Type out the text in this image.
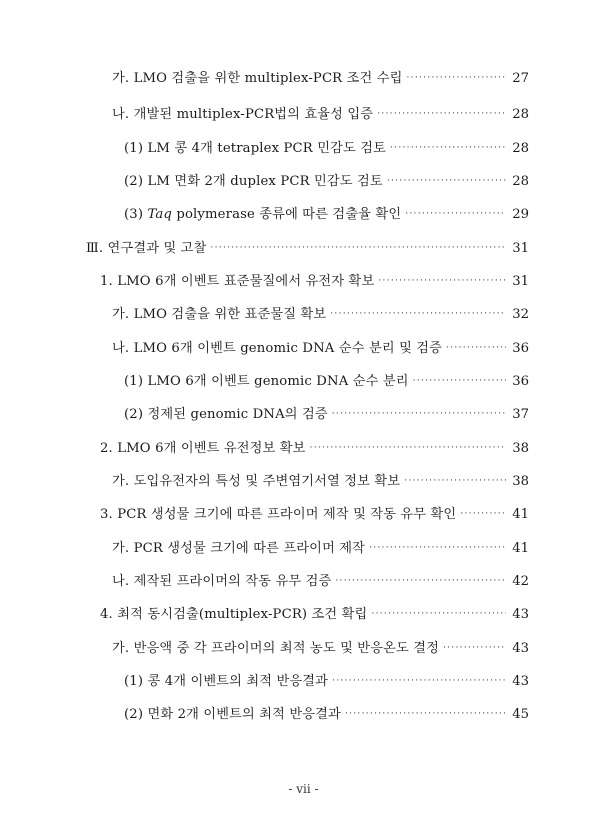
가. LMO 검출을 위한 multiplex-PCR 조건 수립 ·····	27
나. 개발된 multiplex-PCR법의 효율성 입증 ·····	28
(1) LM 콩 4개 tetraplex PCR 민감도 검토 ·····	28
(2) LM 면화 2개 duplex PCR 민감도 검토 ·····	28
(3) Taq polymerase 종류에 따른 검출율 확인 ·····	29
Ⅲ. 연구결과 및 고찰 ·····	31
1. LMO 6개 이벤트 표준물질에서 유전자 확보 ·····	31
가. LMO 검출을 위한 표준물질 확보 ·····	32
나. LMO 6개 이벤트 genomic DNA 순수 분리 및 검증 ·····	36
(1) LMO 6개 이벤트 genomic DNA 순수 분리 ·····	36
(2) 정제된 genomic DNA의 검증 ·····	37
2. LMO 6개 이벤트 유전정보 확보 ·····	38
가. 도입유전자의 특성 및 주변염기서열 정보 확보 ·····	38
3. PCR 생성물 크기에 따른 프라이머 제작 및 작동 유무 확인 ·····	41
가. PCR 생성물 크기에 따른 프라이머 제작 ·····	41
나. 제작된 프라이머의 작동 유무 검증 ·····	42
4. 최적 동시검출(multiplex-PCR) 조건 확립 ·····	43
가. 반응액 중 각 프라이머의 최적 농도 및 반응온도 결정 ·····	43
(1) 콩 4개 이벤트의 최적 반응결과 ·····	43
(2) 면화 2개 이벤트의 최적 반응결과 ·····	45
- vii -
